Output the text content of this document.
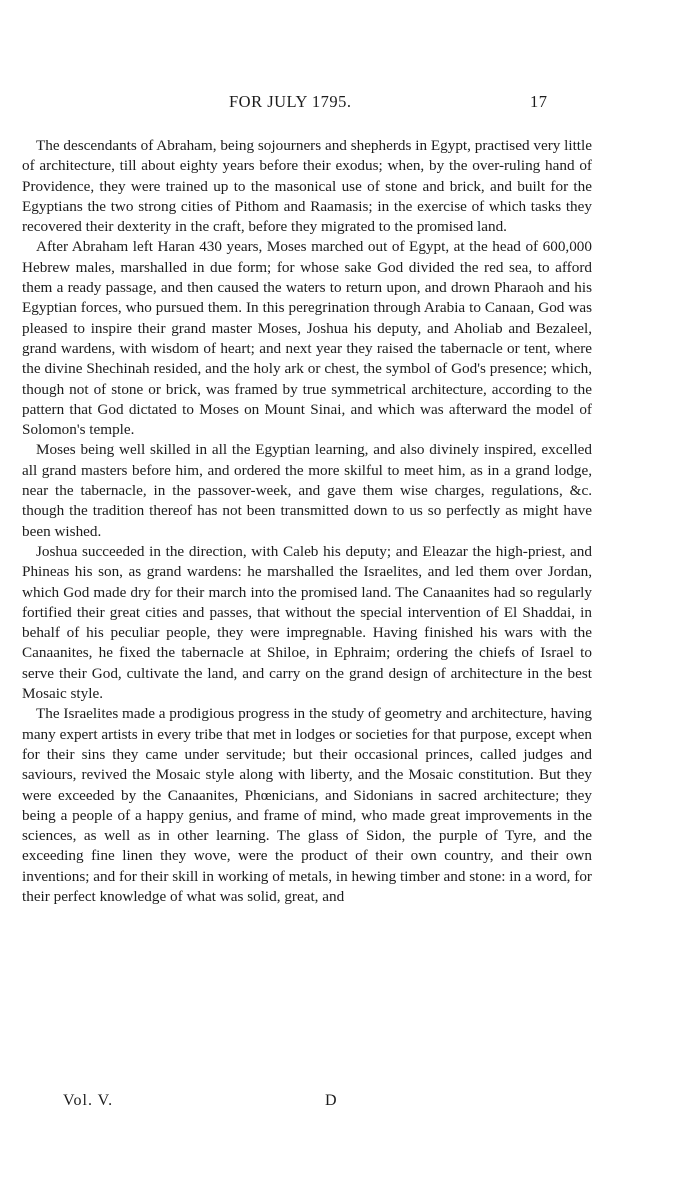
FOR JULY 1795.	17

The descendants of Abraham, being sojourners and shepherds in Egypt, practised very little of architecture, till about eighty years before their exodus; when, by the over-ruling hand of Providence, they were trained up to the masonical use of stone and brick, and built for the Egyptians the two strong cities of Pithom and Raamasis; in the exercise of which tasks they recovered their dexterity in the craft, before they migrated to the promised land.

After Abraham left Haran 430 years, Moses marched out of Egypt, at the head of 600,000 Hebrew males, marshalled in due form; for whose sake God divided the red sea, to afford them a ready passage, and then caused the waters to return upon, and drown Pharaoh and his Egyptian forces, who pursued them. In this peregrination through Arabia to Canaan, God was pleased to inspire their grand master Moses, Joshua his deputy, and Aholiab and Bezaleel, grand wardens, with wisdom of heart; and next year they raised the tabernacle or tent, where the divine Shechinah resided, and the holy ark or chest, the symbol of God's presence; which, though not of stone or brick, was framed by true symmetrical architecture, according to the pattern that God dictated to Moses on Mount Sinai, and which was afterward the model of Solomon's temple.

Moses being well skilled in all the Egyptian learning, and also divinely inspired, excelled all grand masters before him, and ordered the more skilful to meet him, as in a grand lodge, near the tabernacle, in the passover-week, and gave them wise charges, regulations, &c. though the tradition thereof has not been transmitted down to us so perfectly as might have been wished.

Joshua succeeded in the direction, with Caleb his deputy; and Eleazar the high-priest, and Phineas his son, as grand wardens: he marshalled the Israelites, and led them over Jordan, which God made dry for their march into the promised land. The Canaanites had so regularly fortified their great cities and passes, that without the special intervention of El Shaddai, in behalf of his peculiar people, they were impregnable. Having finished his wars with the Canaanites, he fixed the tabernacle at Shiloe, in Ephraim; ordering the chiefs of Israel to serve their God, cultivate the land, and carry on the grand design of architecture in the best Mosaic style.

The Israelites made a prodigious progress in the study of geometry and architecture, having many expert artists in every tribe that met in lodges or societies for that purpose, except when for their sins they came under servitude; but their occasional princes, called judges and saviours, revived the Mosaic style along with liberty, and the Mosaic constitution. But they were exceeded by the Canaanites, Phœnicians, and Sidonians in sacred architecture; they being a people of a happy genius, and frame of mind, who made great improvements in the sciences, as well as in other learning. The glass of Sidon, the purple of Tyre, and the exceeding fine linen they wove, were the product of their own country, and their own inventions; and for their skill in working of metals, in hewing timber and stone: in a word, for their perfect knowledge of what was solid, great, and

Vol. V.	D
